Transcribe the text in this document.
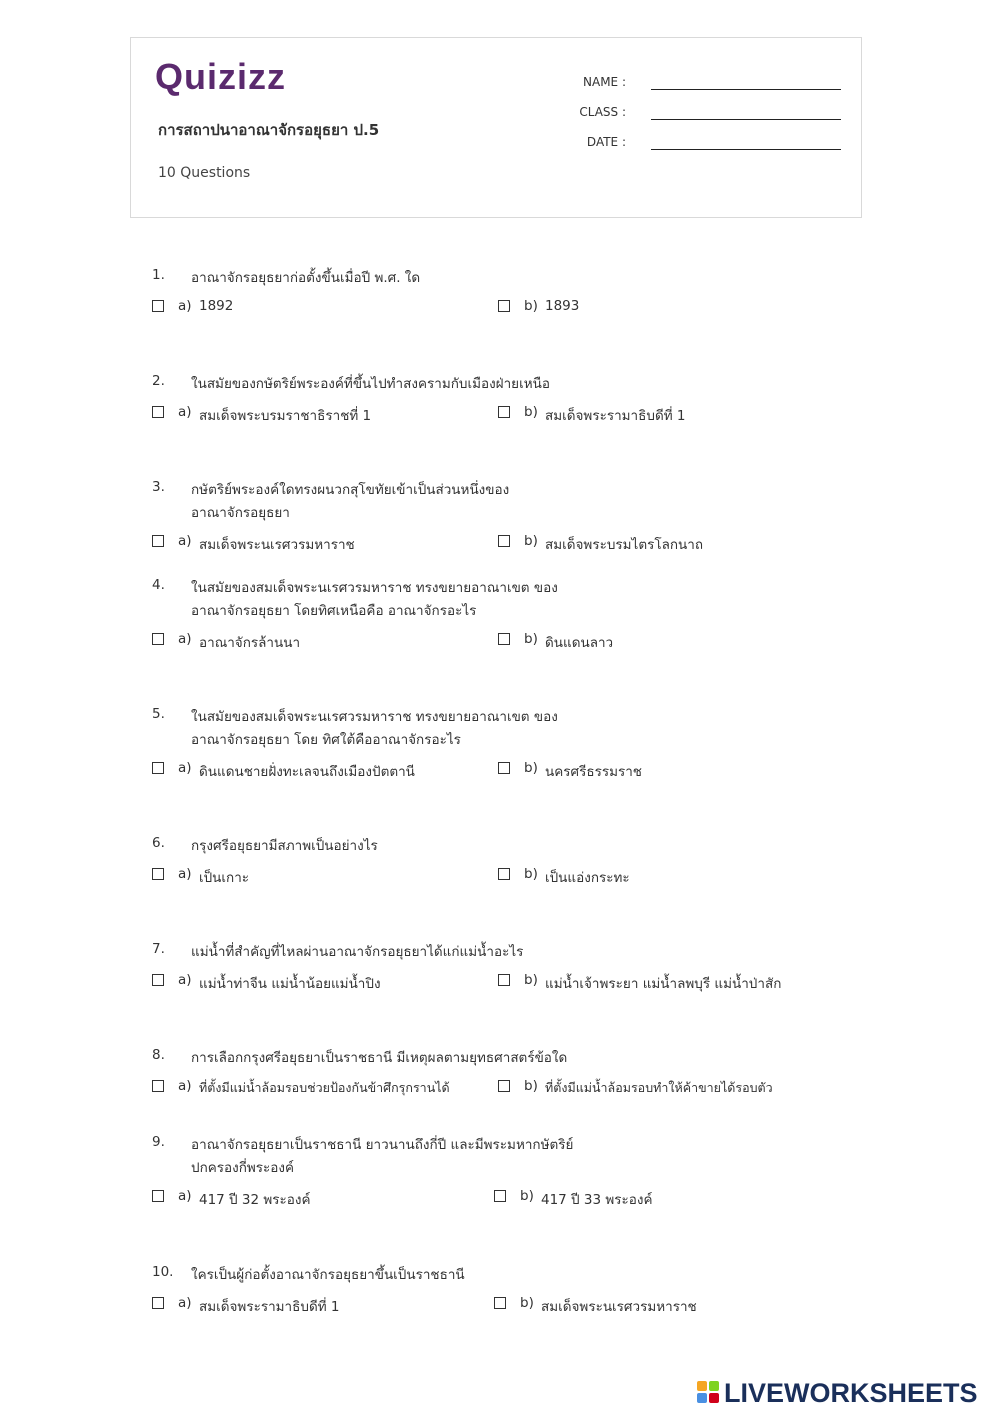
Quizizz
การสถาปนาอาณาจักรอยุธยา ป.5
10 Questions
NAME :
CLASS :
DATE :
1. อาณาจักรอยุธยาก่อตั้งขึ้นเมื่อปี พ.ศ. ใด
a) 1892	b) 1893
2. ในสมัยของกษัตริย์พระองค์ที่ขึ้นไปทำสงครามกับเมืองฝ่ายเหนือ
a) สมเด็จพระบรมราชาธิราชที่ 1	b) สมเด็จพระรามาธิบดีที่ 1
3. กษัตริย์พระองค์ใดทรงผนวกสุโขทัยเข้าเป็นส่วนหนึ่งของอาณาจักรอยุธยา
a) สมเด็จพระนเรศวรมหาราช	b) สมเด็จพระบรมไตรโลกนาถ
4. ในสมัยของสมเด็จพระนเรศวรมหาราช ทรงขยายอาณาเขต ของอาณาจักรอยุธยา โดยทิศเหนือคือ อาณาจักรอะไร
a) อาณาจักรล้านนา	b) ดินแดนลาว
5. ในสมัยของสมเด็จพระนเรศวรมหาราช ทรงขยายอาณาเขต ของอาณาจักรอยุธยา โดย ทิศใต้คืออาณาจักรอะไร
a) ดินแดนชายฝั่งทะเลจนถึงเมืองปัตตานี	b) นครศรีธรรมราช
6. กรุงศรีอยุธยามีสภาพเป็นอย่างไร
a) เป็นเกาะ	b) เป็นแอ่งกระทะ
7. แม่น้ำที่สำคัญที่ไหลผ่านอาณาจักรอยุธยาได้แก่แม่น้ำอะไร
a) แม่น้ำท่าจีน แม่น้ำน้อยแม่น้ำปิง	b) แม่น้ำเจ้าพระยา แม่น้ำลพบุรี แม่น้ำป่าสัก
8. การเลือกกรุงศรีอยุธยาเป็นราชธานี มีเหตุผลตามยุทธศาสตร์ข้อใด
a) ที่ตั้งมีแม่น้ำล้อมรอบช่วยป้องกันข้าศึกรุกรานได้	b) ที่ตั้งมีแม่น้ำล้อมรอบทำให้ค้าขายได้รอบตัว
9. อาณาจักรอยุธยาเป็นราชธานี ยาวนานถึงกี่ปี และมีพระมหากษัตริย์ปกครองกี่พระองค์
a) 417 ปี 32 พระองค์	b) 417 ปี 33 พระองค์
10. ใครเป็นผู้ก่อตั้งอาณาจักรอยุธยาขึ้นเป็นราชธานี
a) สมเด็จพระรามาธิบดีที่ 1	b) สมเด็จพระนเรศวรมหาราช
LIVEWORKSHEETS
